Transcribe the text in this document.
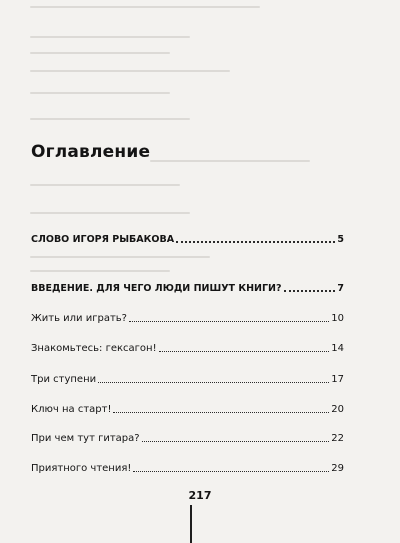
Оглавление
СЛОВО ИГОРЯ РЫБАКОВА	5
ВВЕДЕНИЕ. ДЛЯ ЧЕГО ЛЮДИ ПИШУТ КНИГИ?	7
Жить или играть?	10
Знакомьтесь: гексагон!	14
Три ступени	17
Ключ на старт!	20
При чем тут гитара?	22
Приятного чтения!	29
217
